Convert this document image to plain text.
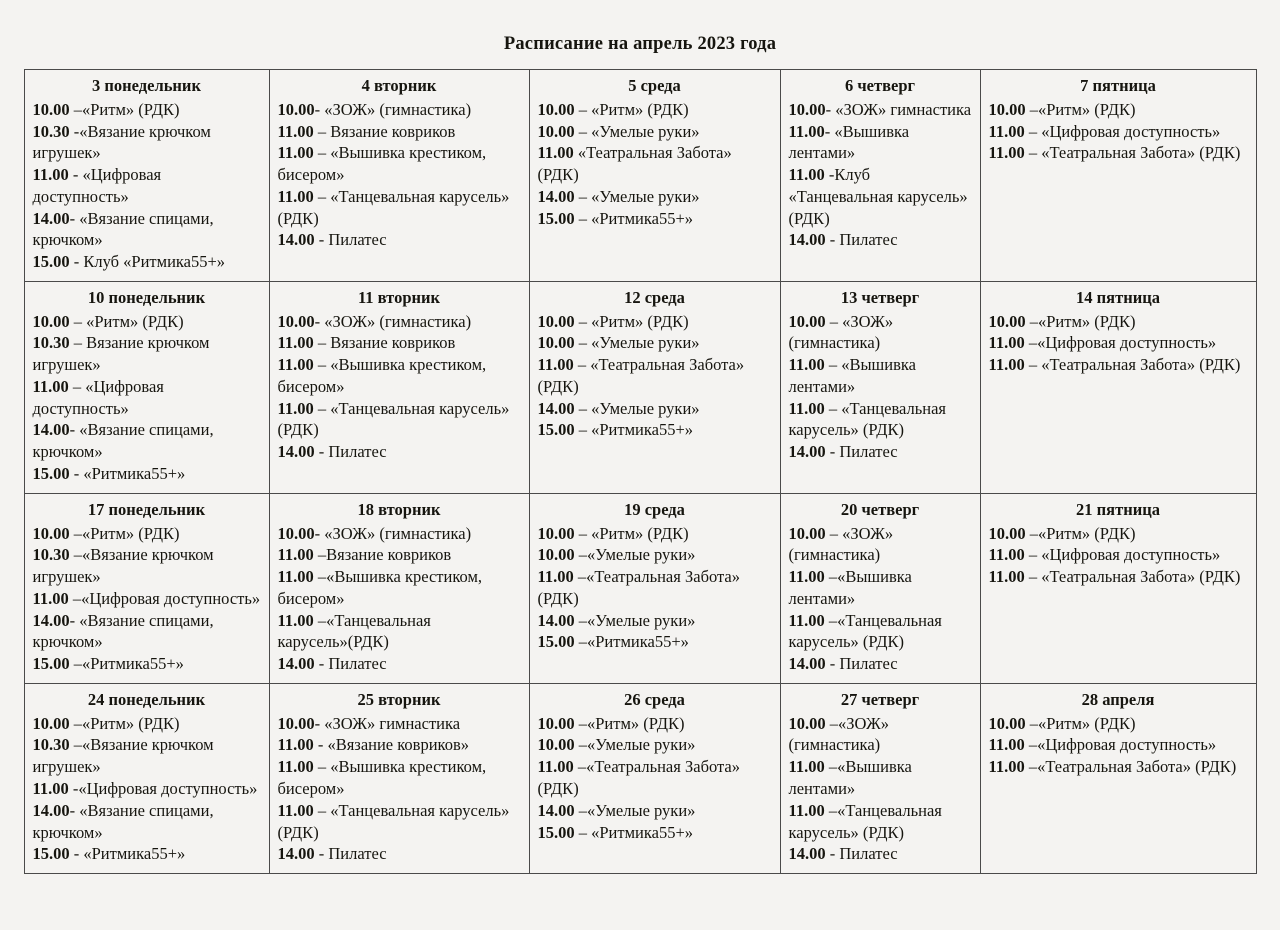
Расписание на апрель 2023 года
3 понедельник
10.00 –«Ритм» (РДК)
10.30 -«Вязание крючком игрушек»
11.00 - «Цифровая доступность»
14.00- «Вязание спицами, крючком»
15.00 - Клуб «Ритмика55+»

4 вторник
10.00- «ЗОЖ» (гимнастика)
11.00 – Вязание ковриков
11.00 – «Вышивка крестиком, бисером»
11.00 – «Танцевальная карусель» (РДК)
14.00 - Пилатес

5 среда
10.00 – «Ритм» (РДК)
10.00 – «Умелые руки»
11.00 «Театральная Забота» (РДК)
14.00 – «Умелые руки»
15.00 – «Ритмика55+»

6 четверг
10.00- «ЗОЖ» гимнастика
11.00- «Вышивка лентами»
11.00 -Клуб «Танцевальная карусель» (РДК)
14.00 - Пилатес

7 пятница
10.00 –«Ритм» (РДК)
11.00 – «Цифровая доступность»
11.00 – «Театральная Забота» (РДК)

10 понедельник
10.00 – «Ритм» (РДК)
10.30 – Вязание крючком игрушек»
11.00 – «Цифровая доступность»
14.00- «Вязание спицами, крючком»
15.00 - «Ритмика55+»

11 вторник
10.00- «ЗОЖ» (гимнастика)
11.00 – Вязание ковриков
11.00 – «Вышивка крестиком, бисером»
11.00 – «Танцевальная карусель» (РДК)
14.00 - Пилатес

12 среда
10.00 – «Ритм» (РДК)
10.00 – «Умелые руки»
11.00 – «Театральная Забота» (РДК)
14.00 – «Умелые руки»
15.00 – «Ритмика55+»

13 четверг
10.00 – «ЗОЖ» (гимнастика)
11.00 – «Вышивка лентами»
11.00 – «Танцевальная карусель» (РДК)
14.00 - Пилатес

14 пятница
10.00 –«Ритм» (РДК)
11.00 –«Цифровая доступность»
11.00 – «Театральная Забота» (РДК)

17 понедельник
10.00 –«Ритм» (РДК)
10.30 –«Вязание крючком игрушек»
11.00 –«Цифровая доступность»
14.00- «Вязание спицами, крючком»
15.00 –«Ритмика55+»

18 вторник
10.00- «ЗОЖ» (гимнастика)
11.00 –Вязание ковриков
11.00 –«Вышивка крестиком, бисером»
11.00 –«Танцевальная карусель»(РДК)
14.00 - Пилатес

19 среда
10.00 – «Ритм» (РДК)
10.00 –«Умелые руки»
11.00 –«Театральная Забота» (РДК)
14.00 –«Умелые руки»
15.00 –«Ритмика55+»

20 четверг
10.00 – «ЗОЖ» (гимнастика)
11.00 –«Вышивка лентами»
11.00 –«Танцевальная карусель» (РДК)
14.00 - Пилатес

21 пятница
10.00 –«Ритм» (РДК)
11.00 – «Цифровая доступность»
11.00 – «Театральная Забота» (РДК)

24 понедельник
10.00 –«Ритм» (РДК)
10.30 –«Вязание крючком игрушек»
11.00 -«Цифровая доступность»
14.00- «Вязание спицами, крючком»
15.00 - «Ритмика55+»

25 вторник
10.00- «ЗОЖ» гимнастика
11.00 - «Вязание ковриков»
11.00 – «Вышивка крестиком, бисером»
11.00 – «Танцевальная карусель» (РДК)
14.00 - Пилатес

26 среда
10.00 –«Ритм» (РДК)
10.00 –«Умелые руки»
11.00 –«Театральная Забота» (РДК)
14.00 –«Умелые руки»
15.00 – «Ритмика55+»

27 четверг
10.00 –«ЗОЖ» (гимнастика)
11.00 –«Вышивка лентами»
11.00 –«Танцевальная карусель» (РДК)
14.00 - Пилатес

28 апреля
10.00 –«Ритм» (РДК)
11.00 –«Цифровая доступность»
11.00 –«Театральная Забота» (РДК)
